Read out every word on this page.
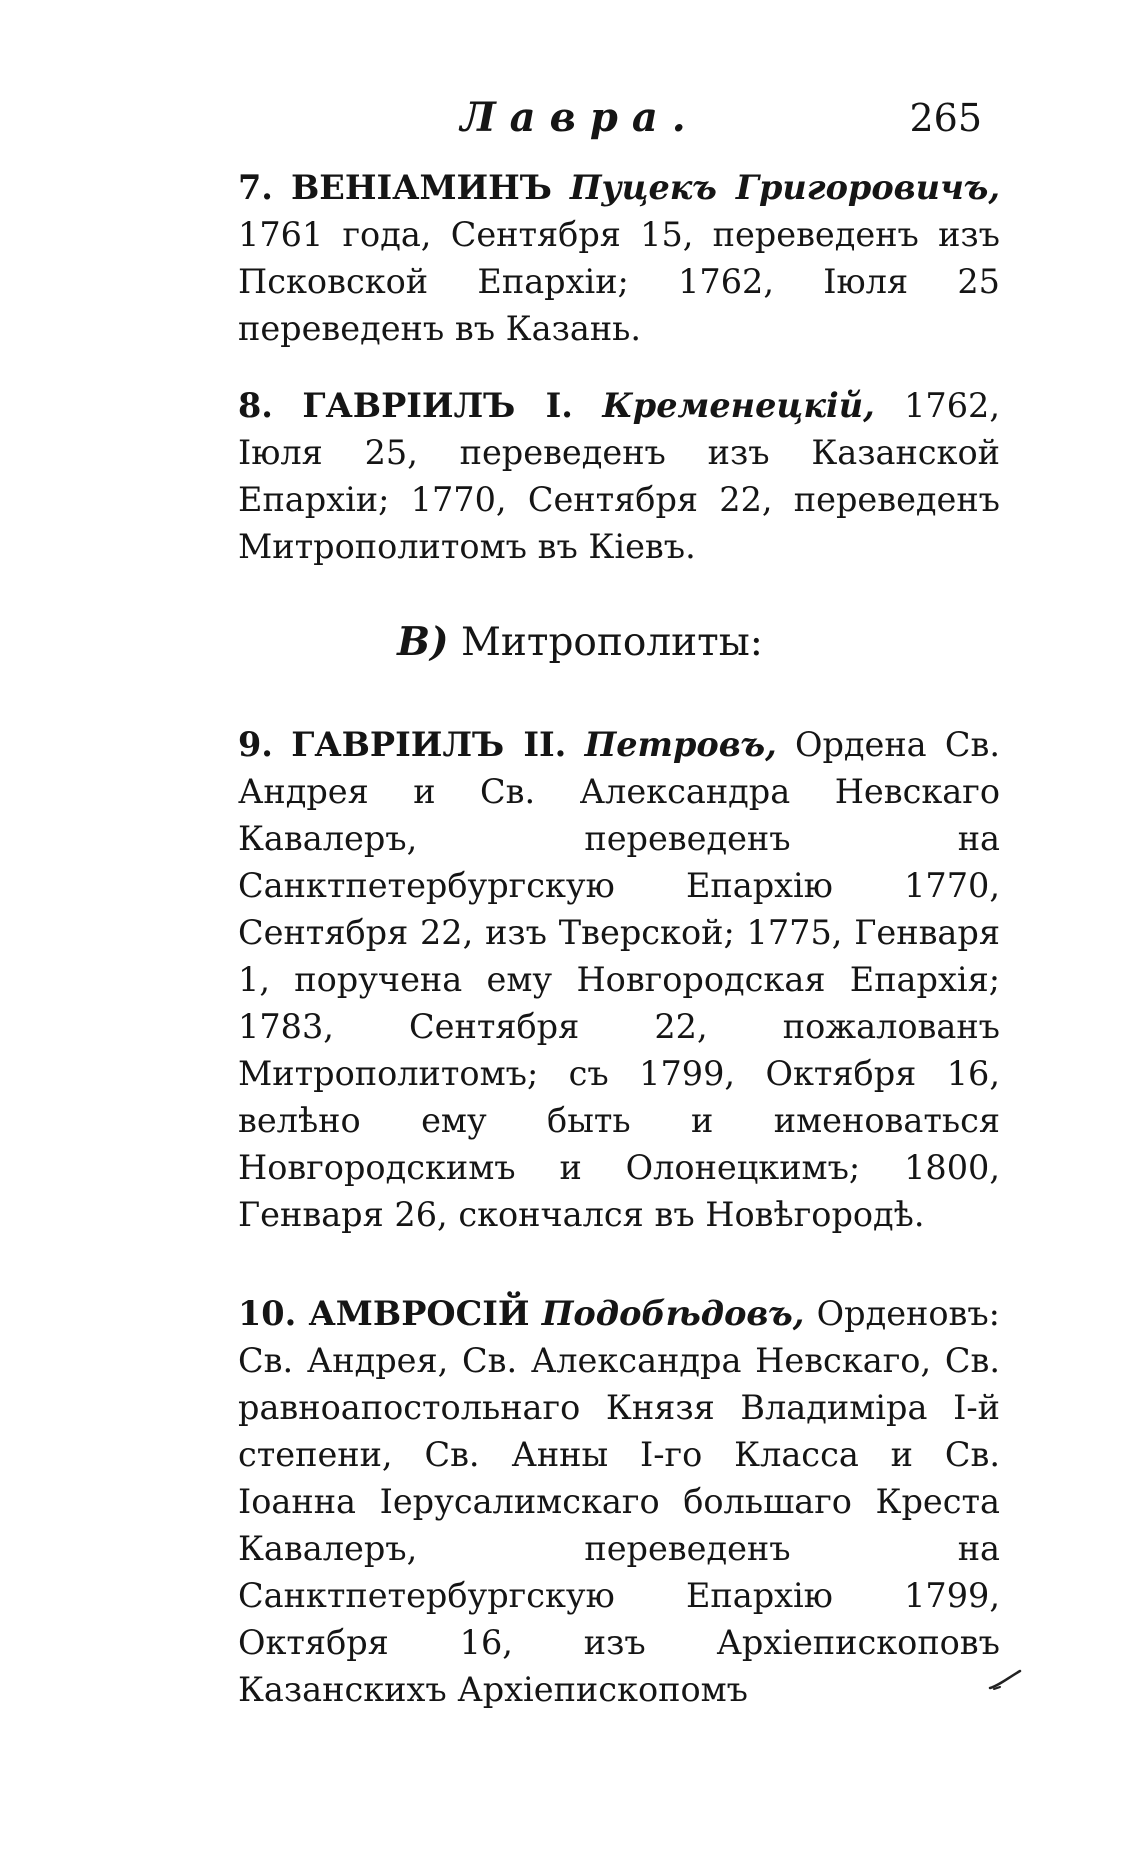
Лавра.	265

7. ВЕНІАМИНЪ Пуцекъ Григоровичъ, 1761 года, Сентября 15, переведенъ изъ Псковской Епархіи; 1762, Іюля 25 переведенъ въ Казань.

8. ГАВРІИЛЪ I. Кременецкій, 1762, Іюля 25, переведенъ изъ Казанской Епархіи; 1770, Сентября 22, переведенъ Митрополитомъ въ Кіевъ.

В) Митрополиты:

9. ГАВРІИЛЪ II. Петровъ, Ордена Св. Андрея и Св. Александра Невскаго Кавалеръ, переведенъ на Санктпетербургскую Епархію 1770, Сентября 22, изъ Тверской; 1775, Генваря 1, поручена ему Новгородская Епархія; 1783, Сентября 22, пожалованъ Митрополитомъ; съ 1799, Октября 16, велѣно ему быть и именоваться Новгородскимъ и Олонецкимъ; 1800, Генваря 26, скончался въ Новѣгородѣ.

10. АМВРОСІЙ Подобѣдовъ, Орденовъ: Св. Андрея, Св. Александра Невскаго, Св. равноапостольнаго Князя Владиміра І-й степени, Св. Анны І-го Класса и Св. Іоанна Іерусалимскаго большаго Креста Кавалеръ, переведенъ на Санктпетербургскую Епархію 1799, Октября 16, изъ Архіепископовъ Казанскихъ Архіепископомъ
